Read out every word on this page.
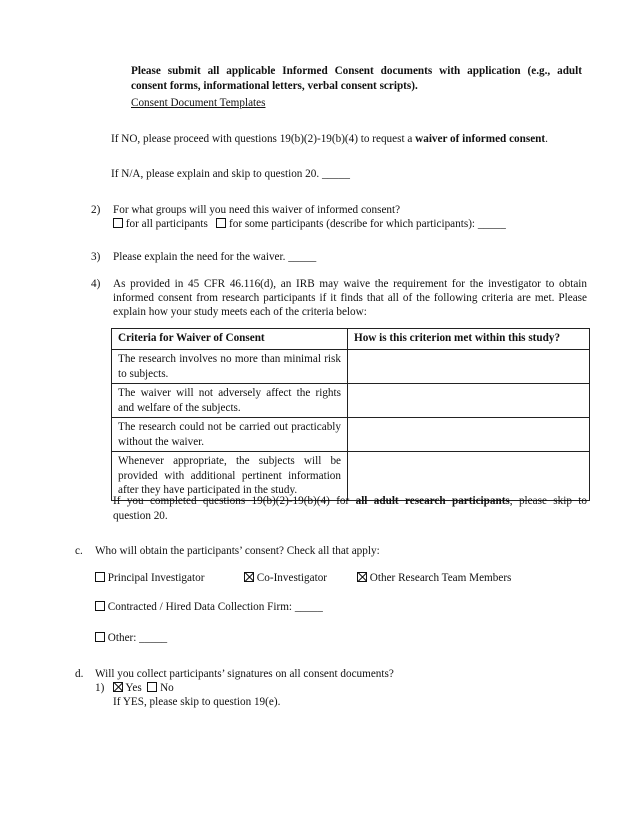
Please submit all applicable Informed Consent documents with application (e.g., adult
consent forms, informational letters, verbal consent scripts).
Consent Document Templates
If NO, please proceed with questions 19(b)(2)-19(b)(4) to request a waiver of informed consent.
If N/A, please explain and skip to question 20. _____
2) For what groups will you need this waiver of informed consent?
for all participants for some participants (describe for which participants): _____
3) Please explain the need for the waiver. _____
4) As provided in 45 CFR 46.116(d), an IRB may waive the requirement for the investigator to obtain
informed consent from research participants if it finds that all of the following criteria are met. Please
explain how your study meets each of the criteria below:
Criteria for Waiver of Consent	How is this criterion met within this study?
The research involves no more than minimal risk to subjects.	
The waiver will not adversely affect the rights and welfare of the subjects.	
The research could not be carried out practicably without the waiver.	
Whenever appropriate, the subjects will be provided with additional pertinent information after they have participated in the study.	
If you completed questions 19(b)(2)-19(b)(4) for all adult research participants, please skip to
question 20.
c. Who will obtain the participants’ consent? Check all that apply:
Principal Investigator	Co-Investigator	Other Research Team Members
Contracted / Hired Data Collection Firm: _____
Other: _____
d. Will you collect participants’ signatures on all consent documents?
1)	Yes No
If YES, please skip to question 19(e).
